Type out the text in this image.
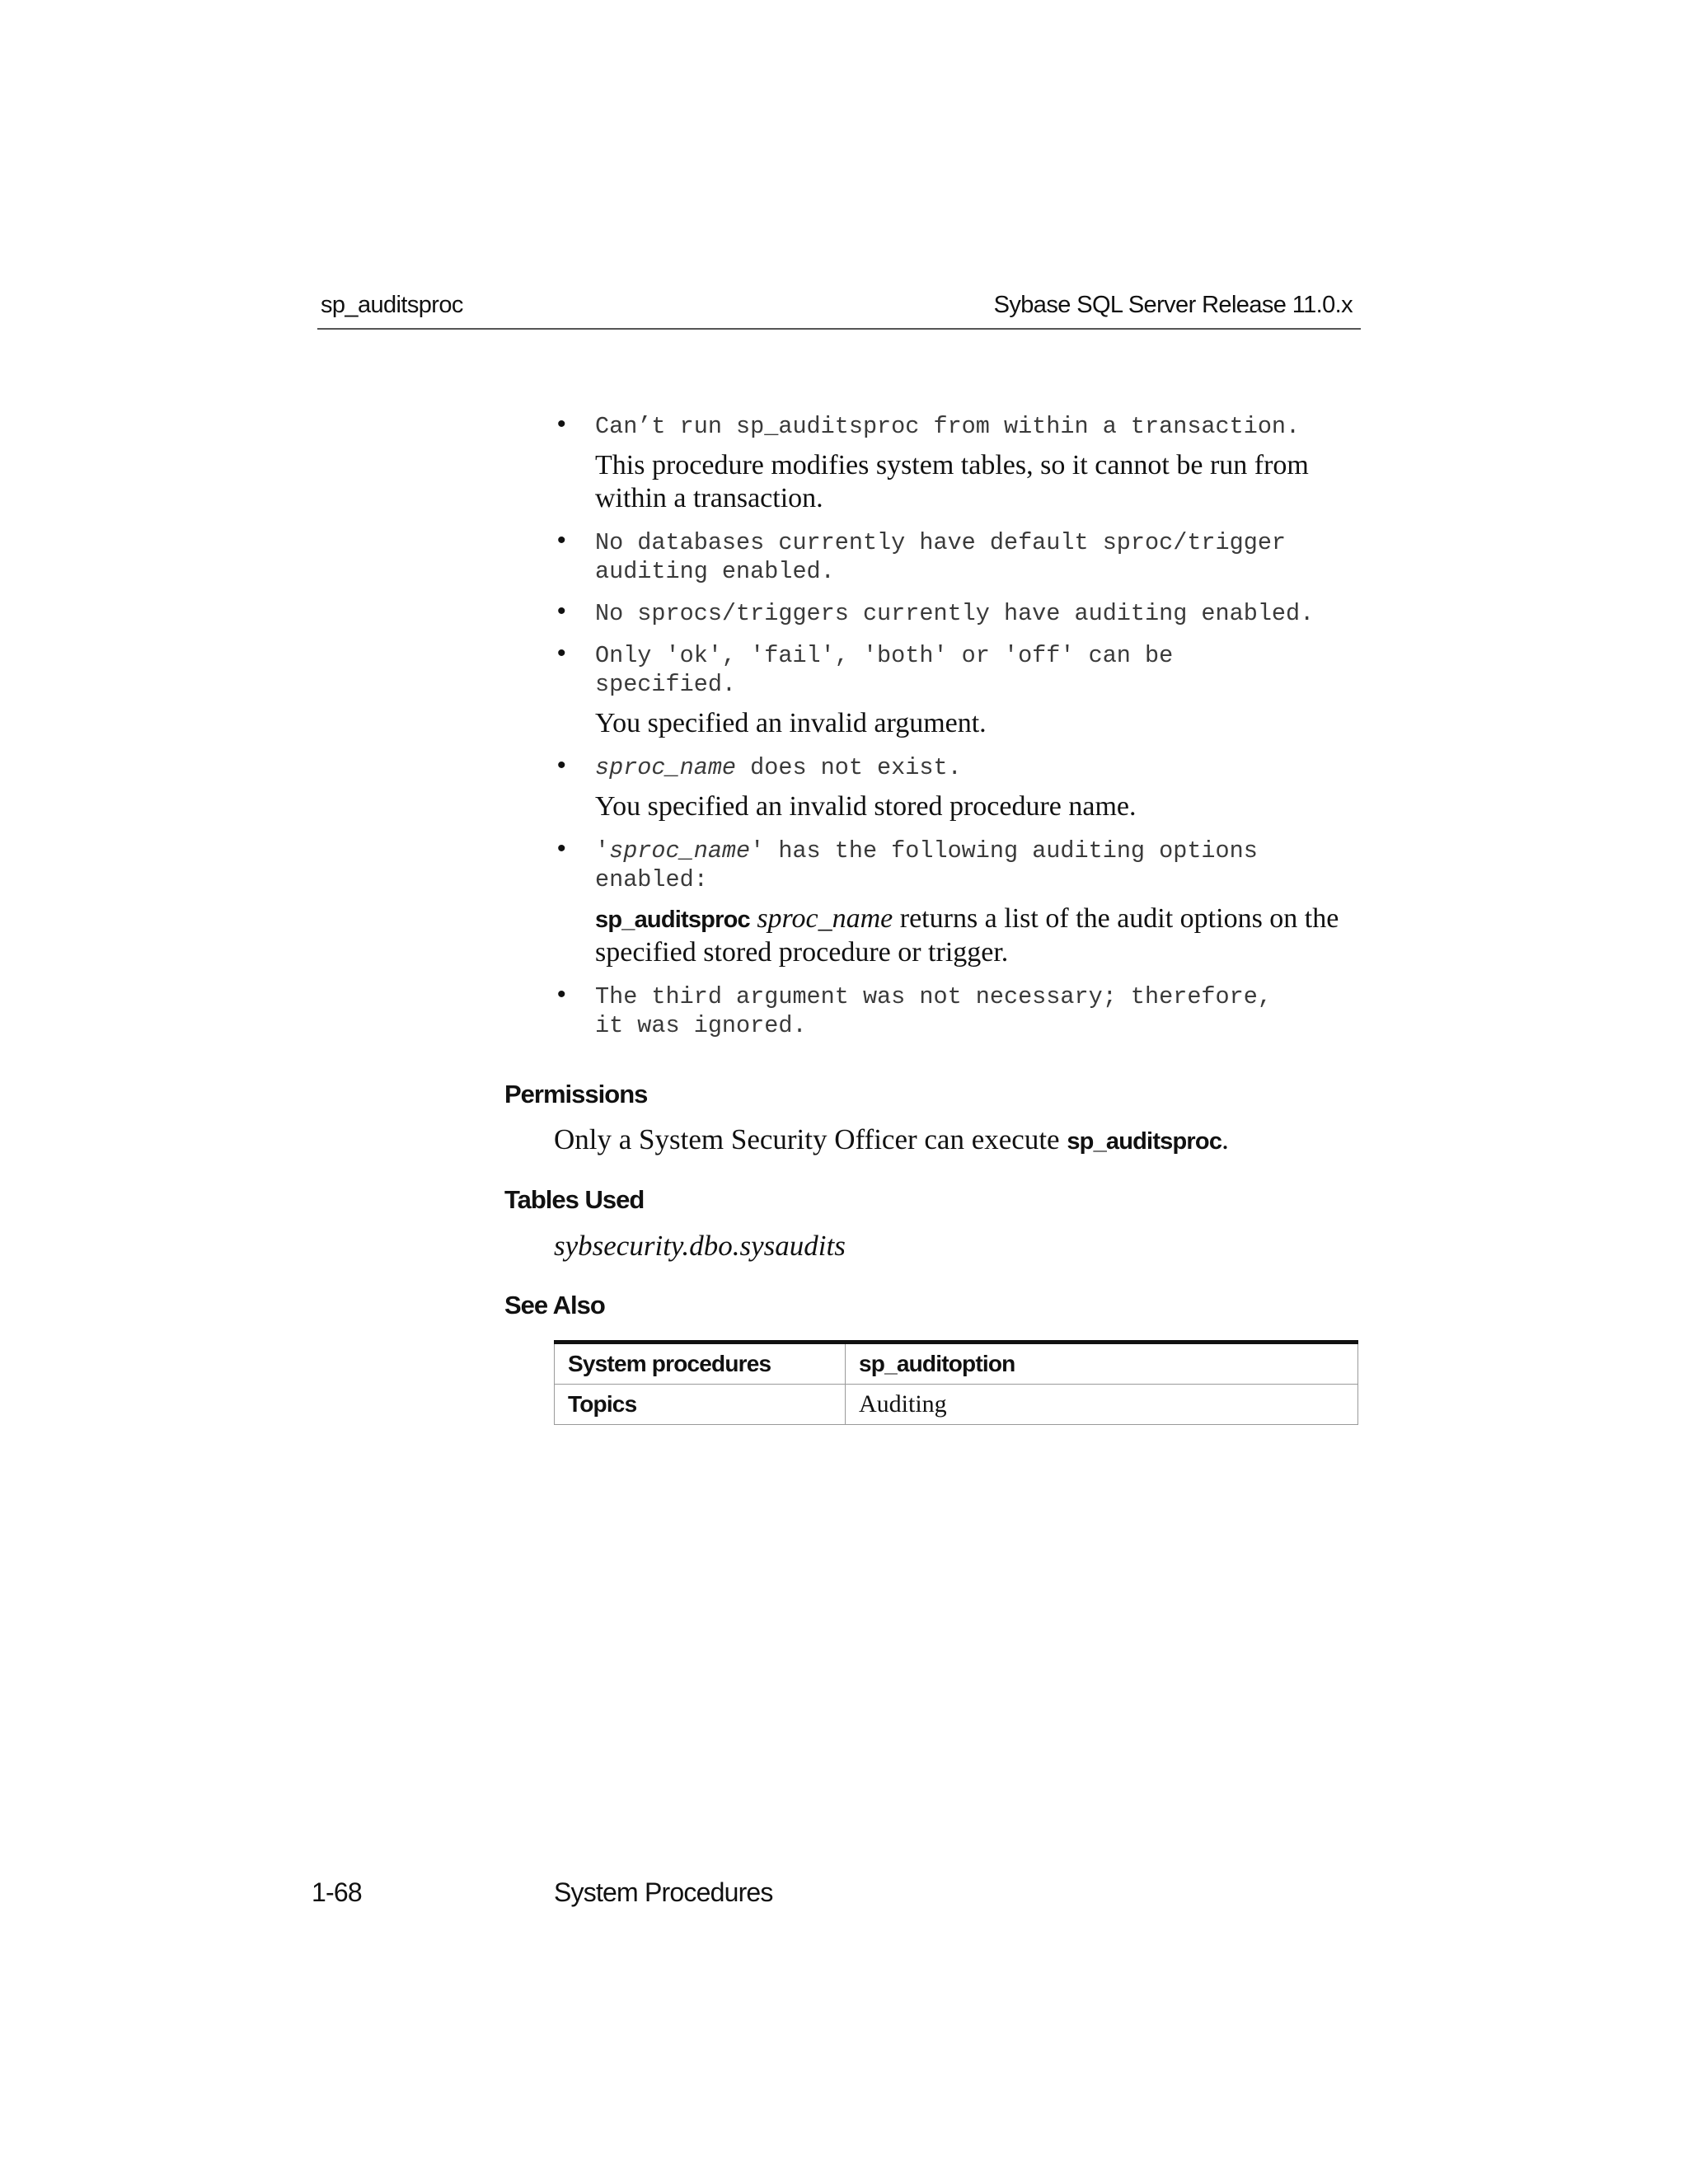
sp_auditsproc	Sybase SQL Server Release 11.0.x
• Can’t run sp_auditsproc from within a transaction.
This procedure modifies system tables, so it cannot be run from within a transaction.
• No databases currently have default sproc/trigger
auditing enabled.
• No sprocs/triggers currently have auditing enabled.
• Only 'ok', 'fail', 'both' or 'off' can be
specified.
You specified an invalid argument.
• sproc_name does not exist.
You specified an invalid stored procedure name.
• 'sproc_name' has the following auditing options
enabled:
sp_auditsproc sproc_name returns a list of the audit options on the specified stored procedure or trigger.
• The third argument was not necessary; therefore,
it was ignored.
Permissions
Only a System Security Officer can execute sp_auditsproc.
Tables Used
sybsecurity.dbo.sysaudits
See Also
System procedures	sp_auditoption
Topics	Auditing
1-68	System Procedures
